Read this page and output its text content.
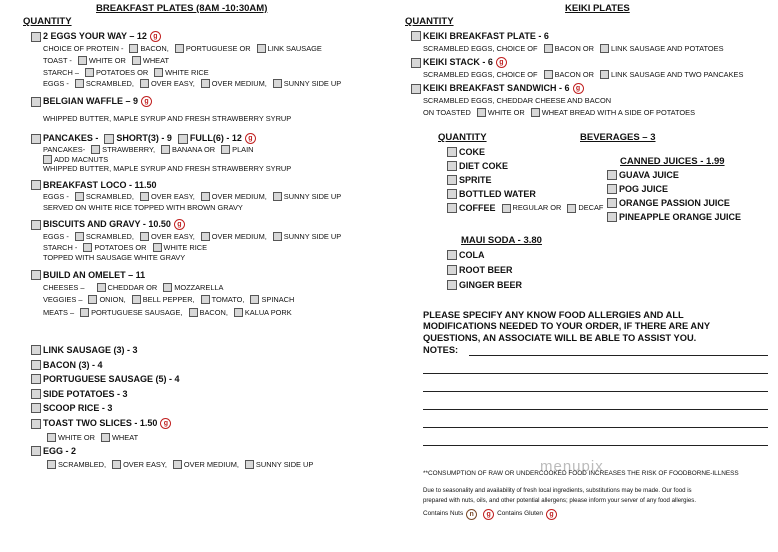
BREAKFAST PLATES (8AM -10:30AM)
QUANTITY
2 EGGS YOUR WAY – 12 g
CHOICE OF PROTEIN - BACON, PORTUGUESE OR LINK SAUSAGE
TOAST - WHITE OR WHEAT
STARCH – POTATOES OR WHITE RICE
EGGS - SCRAMBLED, OVER EASY, OVER MEDIUM, SUNNY SIDE UP
BELGIAN WAFFLE – 9 g
WHIPPED BUTTER, MAPLE SYRUP AND FRESH STRAWBERRY SYRUP
PANCAKES - SHORT(3) - 9 FULL(6) - 12 g
PANCAKES- STRAWBERRY, BANANA OR PLAIN
ADD MACNUTS
WHIPPED BUTTER, MAPLE SYRUP AND FRESH STRAWBERRY SYRUP
BREAKFAST LOCO - 11.50
EGGS - SCRAMBLED, OVER EASY, OVER MEDIUM, SUNNY SIDE UP
SERVED ON WHITE RICE TOPPED WITH BROWN GRAVY
BISCUITS AND GRAVY - 10.50 g
EGGS - SCRAMBLED, OVER EASY, OVER MEDIUM, SUNNY SIDE UP
STARCH - POTATOES OR WHITE RICE
TOPPED WITH SAUSAGE WHITE GRAVY
BUILD AN OMELET – 11
CHEESES –	CHEDDAR OR MOZZARELLA
VEGGIES – ONION, BELL PEPPER, TOMATO, SPINACH
MEATS – PORTUGUESE SAUSAGE, BACON, KALUA PORK
LINK SAUSAGE (3) - 3
BACON (3) - 4
PORTUGUESE SAUSAGE (5) - 4
SIDE POTATOES - 3
SCOOP RICE - 3
TOAST TWO SLICES - 1.50 g
WHITE OR WHEAT
EGG - 2
SCRAMBLED, OVER EASY, OVER MEDIUM, SUNNY SIDE UP
KEIKI PLATES
QUANTITY
KEIKI BREAKFAST PLATE - 6
SCRAMBLED EGGS, CHOICE OF BACON OR LINK SAUSAGE AND POTATOES
KEIKI STACK - 6 g
SCRAMBLED EGGS, CHOICE OF BACON OR LINK SAUSAGE AND TWO PANCAKES
KEIKI BREAKFAST SANDWICH - 6 g
SCRAMBLED EGGS, CHEDDAR CHEESE AND BACON
ON TOASTED WHITE OR WHEAT BREAD WITH A SIDE OF POTATOES
QUANTITY	BEVERAGES – 3
COKE
DIET COKE
SPRITE
BOTTLED WATER
COFFEE REGULAR OR DECAF
CANNED JUICES - 1.99
GUAVA JUICE
POG JUICE
ORANGE PASSION JUICE
PINEAPPLE ORANGE JUICE
MAUI SODA - 3.80
COLA
ROOT BEER
GINGER BEER
PLEASE SPECIFY ANY KNOW FOOD ALLERGIES AND ALL
MODIFICATIONS NEEDED TO YOUR ORDER, IF THERE ARE ANY
QUESTIONS, AN ASSOCIATE WILL BE ABLE TO ASSIST YOU.
NOTES:
menupix
**CONSUMPTION OF RAW OR UNDERCOOKED FOOD INCREASES THE RISK OF FOODBORNE-ILLNESS
Due to seasonality and availability of fresh local ingredients, substitutions may be made. Our food is
prepared with nuts, oils, and other potential allergens; please inform your server of any food allergies.
Contains Nuts n	g Contains Gluten g
